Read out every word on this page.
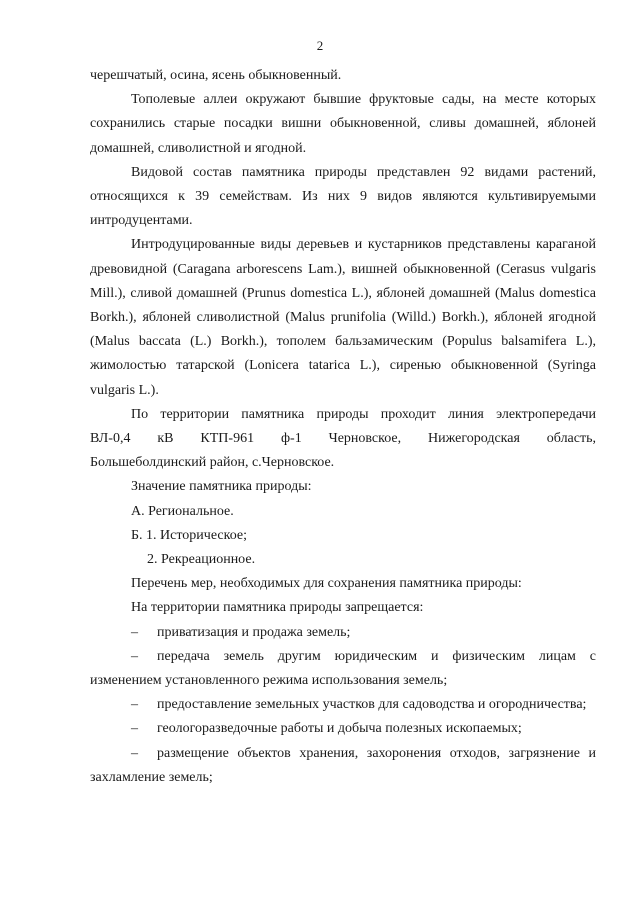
2

черешчатый, осина, ясень обыкновенный.

Тополевые аллеи окружают бывшие фруктовые сады, на месте которых сохранились старые посадки вишни обыкновенной, сливы домашней, яблоней домашней, сливолистной и ягодной.

Видовой состав памятника природы представлен 92 видами растений, относящихся к 39 семействам. Из них 9 видов являются культивируемыми интродуцентами.

Интродуцированные виды деревьев и кустарников представлены караганой древовидной (Caragana arborescens Lam.), вишней обыкновенной (Cerasus vulgaris Mill.), сливой домашней (Prunus domestica L.), яблоней домашней (Malus domestica Borkh.), яблоней сливолистной (Malus prunifolia (Willd.) Borkh.), яблоней ягодной (Malus baccata (L.) Borkh.), тополем бальзамическим (Populus balsamifera L.), жимолостью татарской (Lonicera tatarica L.), сиренью обыкновенной (Syringa vulgaris L.).

По территории памятника природы проходит линия электропередачи

ВЛ-0,4 кВ КТП-961 ф-1 Черновское, Нижегородская область,

Большеболдинский район, с.Черновское.

Значение памятника природы:

А. Региональное.

Б. 1. Историческое;

2. Рекреационное.

Перечень мер, необходимых для сохранения памятника природы:

На территории памятника природы запрещается:

– приватизация и продажа земель;

– передача земель другим юридическим и физическим лицам с изменением установленного режима использования земель;

– предоставление земельных участков для садоводства и огородничества;

– геологоразведочные работы и добыча полезных ископаемых;

– размещение объектов хранения, захоронения отходов, загрязнение и захламление земель;
